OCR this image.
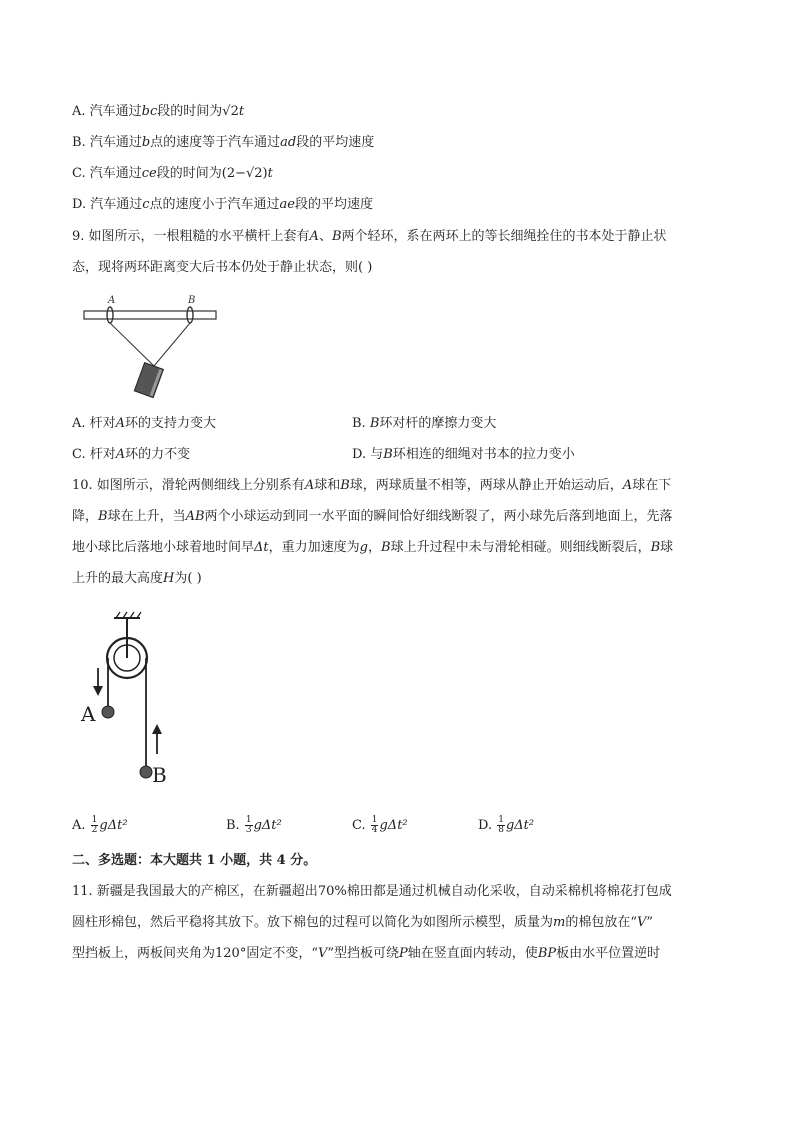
A. 汽车通过bc段的时间为√2t
B. 汽车通过b点的速度等于汽车通过ad段的平均速度
C. 汽车通过ce段的时间为(2−√2)t
D. 汽车通过c点的速度小于汽车通过ae段的平均速度
9. 如图所示，一根粗糙的水平横杆上套有A、B两个轻环，系在两环上的等长细绳拴住的书本处于静止状
态，现将两环距离变大后书本仍处于静止状态，则( )
A	B
A. 杆对A环的支持力变大	B. B环对杆的摩擦力变大
C. 杆对A环的力不变	D. 与B环相连的细绳对书本的拉力变小
10. 如图所示，滑轮两侧细线上分别系有A球和B球，两球质量不相等，两球从静止开始运动后，A球在下
降，B球在上升，当AB两个小球运动到同一水平面的瞬间恰好细线断裂了，两小球先后落到地面上，先落
地小球比后落地小球着地时间早Δt，重力加速度为g，B球上升过程中未与滑轮相碰。则细线断裂后，B球
上升的最大高度H为( )
A
B
A. $\frac{1}{2} g\Delta t^2$	B. $\frac{1}{3} g\Delta t^2$	C. $\frac{1}{4} g\Delta t^2$	D. $\frac{1}{8} g\Delta t^2$
二、多选题：本大题共 1 小题，共 4 分。
11. 新疆是我国最大的产棉区，在新疆超出70%棉田都是通过机械自动化采收，自动采棉机将棉花打包成
圆柱形棉包，然后平稳将其放下。放下棉包的过程可以简化为如图所示模型，质量为m的棉包放在“V”
型挡板上，两板间夹角为120°固定不变，“V”型挡板可绕P轴在竖直面内转动，使BP板由水平位置逆时
